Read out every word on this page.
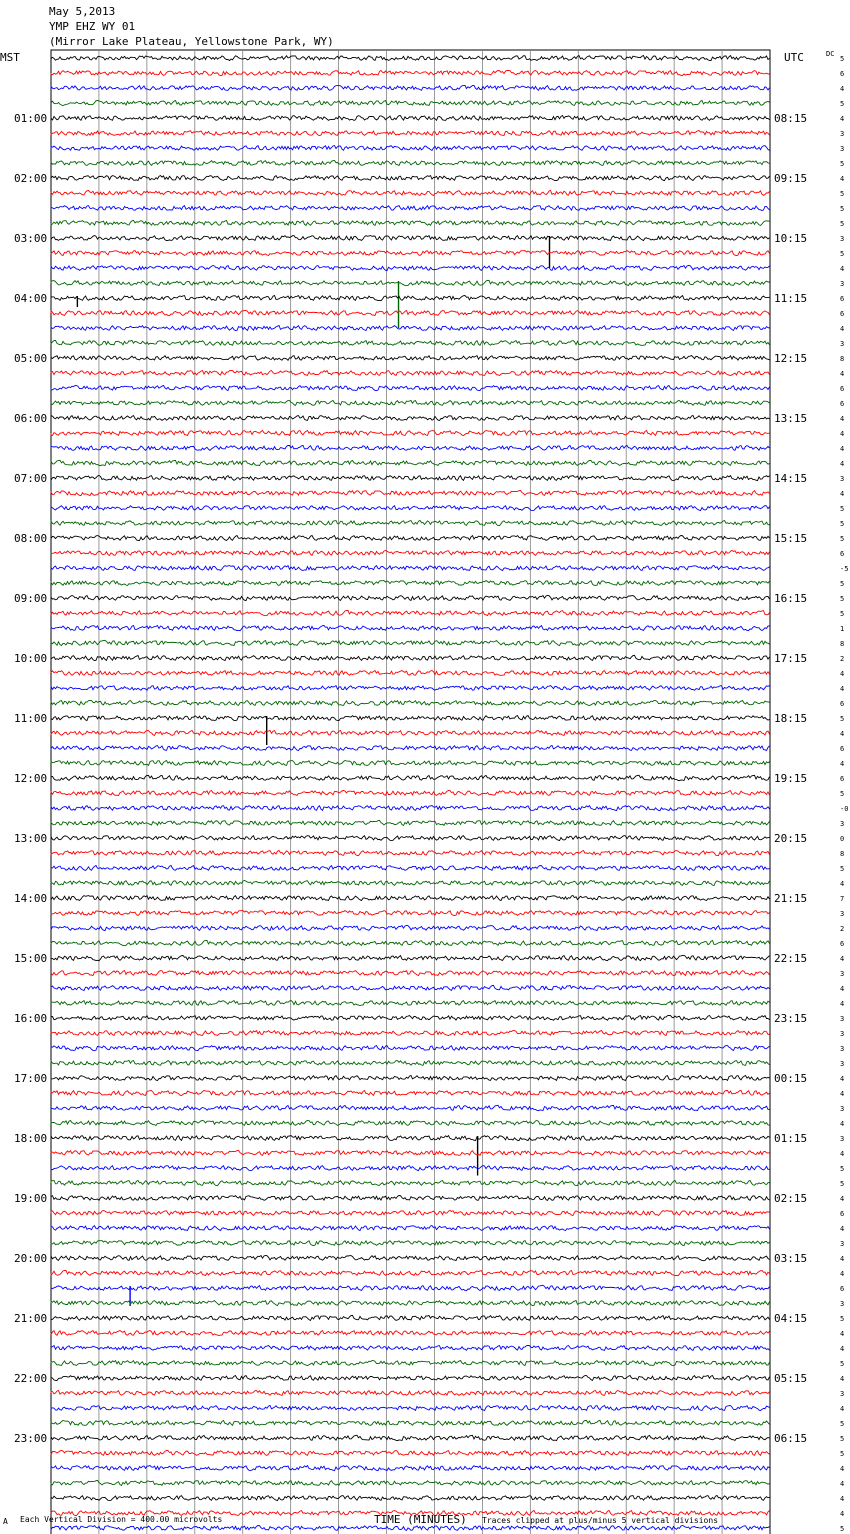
May 5,2013
YMP EHZ WY 01
(Mirror Lake Plateau, Yellowstone Park, WY)
MST	UTC	DC
01:00
02:00
03:00
04:00
05:00
06:00
07:00
08:00
09:00
10:00
11:00
12:00
13:00
14:00
15:00
16:00
17:00
18:00
19:00
20:00
21:00
22:00
23:00
08:15
09:15
10:15
11:15
12:15
13:15
14:15
15:15
16:15
17:15
18:15
19:15
20:15
21:15
22:15
23:15
00:15
01:15
02:15
03:15
04:15
05:15
06:15
5
6
4
5
4
3
3
5
4
5
5
5
3
5
4
3
6
6
4
3
8
4
6
6
4
4
4
4
3
4
5
5
5
6
-5
5
5
5
1
8
2
4
4
6
5
4
6
4
6
5
-0
3
0
8
5
4
7
3
2
6
4
3
4
4
3
3
3
3
4
4
3
4
3
4
5
5
4
6
4
3
4
4
6
3
5
4
4
5
4
3
4
5
5
5
4
4
4
4
5
A Each Vertical Division = 400.00 microvolts	TIME (MINUTES) Traces clipped at plus/minus 5 vertical divisions
